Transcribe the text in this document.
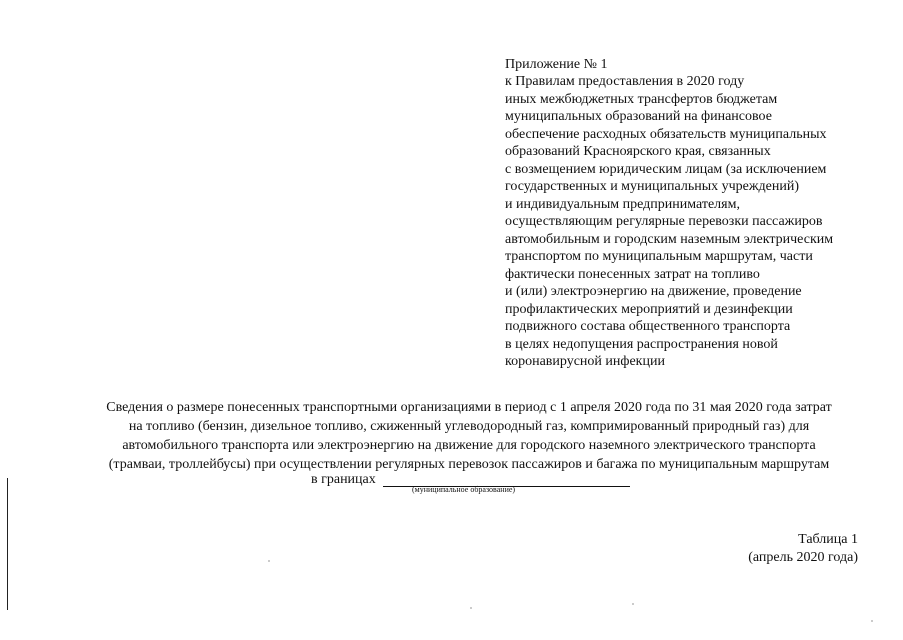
Приложение № 1

к Правилам предоставления в 2020 году
иных межбюджетных трансфертов бюджетам
муниципальных образований на финансовое
обеспечение расходных обязательств муниципальных
образований Красноярского края, связанных
с возмещением юридическим лицам (за исключением
государственных и муниципальных учреждений)
и индивидуальным предпринимателям,
осуществляющим регулярные перевозки пассажиров
автомобильным и городским наземным электрическим
транспортом по муниципальным маршрутам, части
фактически понесенных затрат на топливо
и (или) электроэнергию на движение, проведение
профилактических мероприятий и дезинфекции
подвижного состава общественного транспорта
в целях недопущения распространения новой
коронавирусной инфекции

Сведения о размере понесенных транспортными организациями в период с 1 апреля 2020 года по 31 мая 2020 года затрат

на топливо (бензин, дизельное топливо, сжиженный углеводородный газ, компримированный природный газ) для

автомобильного транспорта или электроэнергию на движение для городского наземного электрического транспорта

(трамваи, троллейбусы) при осуществлении регулярных перевозок пассажиров и багажа по муниципальным маршрутам

в границах
(муниципальное образование)
Таблица 1
(апрель 2020 года)
